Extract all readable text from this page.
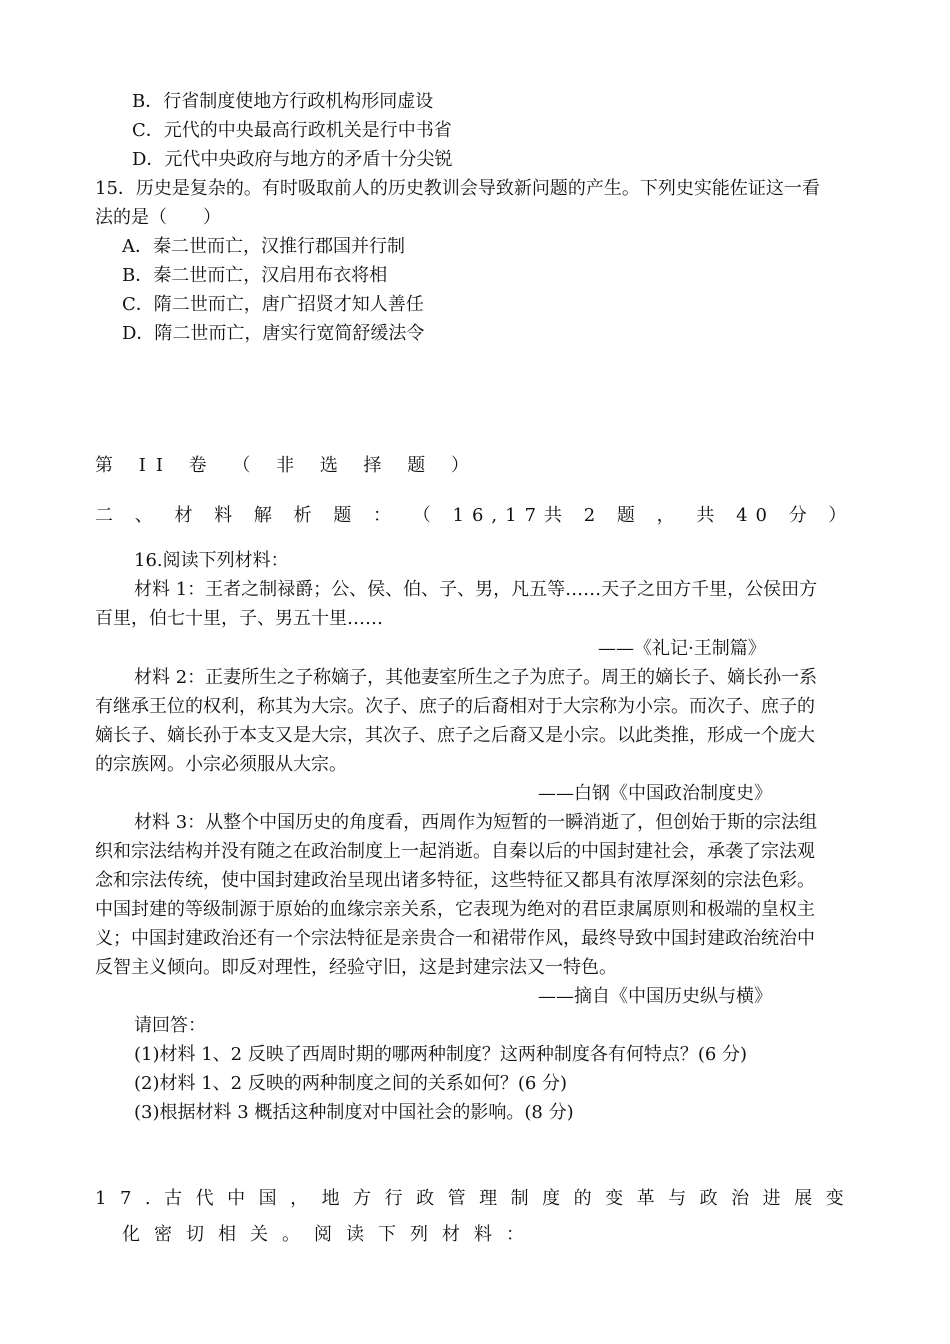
B．行省制度使地方行政机构形同虚设
C．元代的中央最高行政机关是行中书省
D．元代中央政府与地方的矛盾十分尖锐
15．历史是复杂的。有时吸取前人的历史教训会导致新问题的产生。下列史实能佐证这一看
法的是（　　）
A．秦二世而亡，汉推行郡国并行制
B．秦二世而亡，汉启用布衣将相
C．隋二世而亡，唐广招贤才知人善任
D．隋二世而亡，唐实行宽简舒缓法令
第 II 卷 （ 非 选 择 题 ）
二 、 材 料 解 析 题 ： （ 16,17共 2 题 ， 共 40 分 ）
16.阅读下列材料：
材料 1：王者之制禄爵；公、侯、伯、子、男，凡五等……天子之田方千里，公侯田方
百里，伯七十里，子、男五十里……
——《礼记·王制篇》
材料 2：正妻所生之子称嫡子，其他妻室所生之子为庶子。周王的嫡长子、嫡长孙一系
有继承王位的权利，称其为大宗。次子、庶子的后裔相对于大宗称为小宗。而次子、庶子的
嫡长子、嫡长孙于本支又是大宗，其次子、庶子之后裔又是小宗。以此类推，形成一个庞大
的宗族网。小宗必须服从大宗。
——白钢《中国政治制度史》
材料 3：从整个中国历史的角度看，西周作为短暂的一瞬消逝了，但创始于斯的宗法组
织和宗法结构并没有随之在政治制度上一起消逝。自秦以后的中国封建社会，承袭了宗法观
念和宗法传统，使中国封建政治呈现出诸多特征，这些特征又都具有浓厚深刻的宗法色彩。
中国封建的等级制源于原始的血缘宗亲关系，它表现为绝对的君臣隶属原则和极端的皇权主
义；中国封建政治还有一个宗法特征是亲贵合一和裙带作风，最终导致中国封建政治统治中
反智主义倾向。即反对理性，经验守旧，这是封建宗法又一特色。
——摘自《中国历史纵与横》
请回答：
(1)材料 1、2 反映了西周时期的哪两种制度？这两种制度各有何特点？(6 分)
(2)材料 1、2 反映的两种制度之间的关系如何？(6 分)
(3)根据材料 3 概括这种制度对中国社会的影响。(8 分)
17.古代中国，地方行政管理制度的变革与政治进展变
化密切相关。阅读下列材料：
